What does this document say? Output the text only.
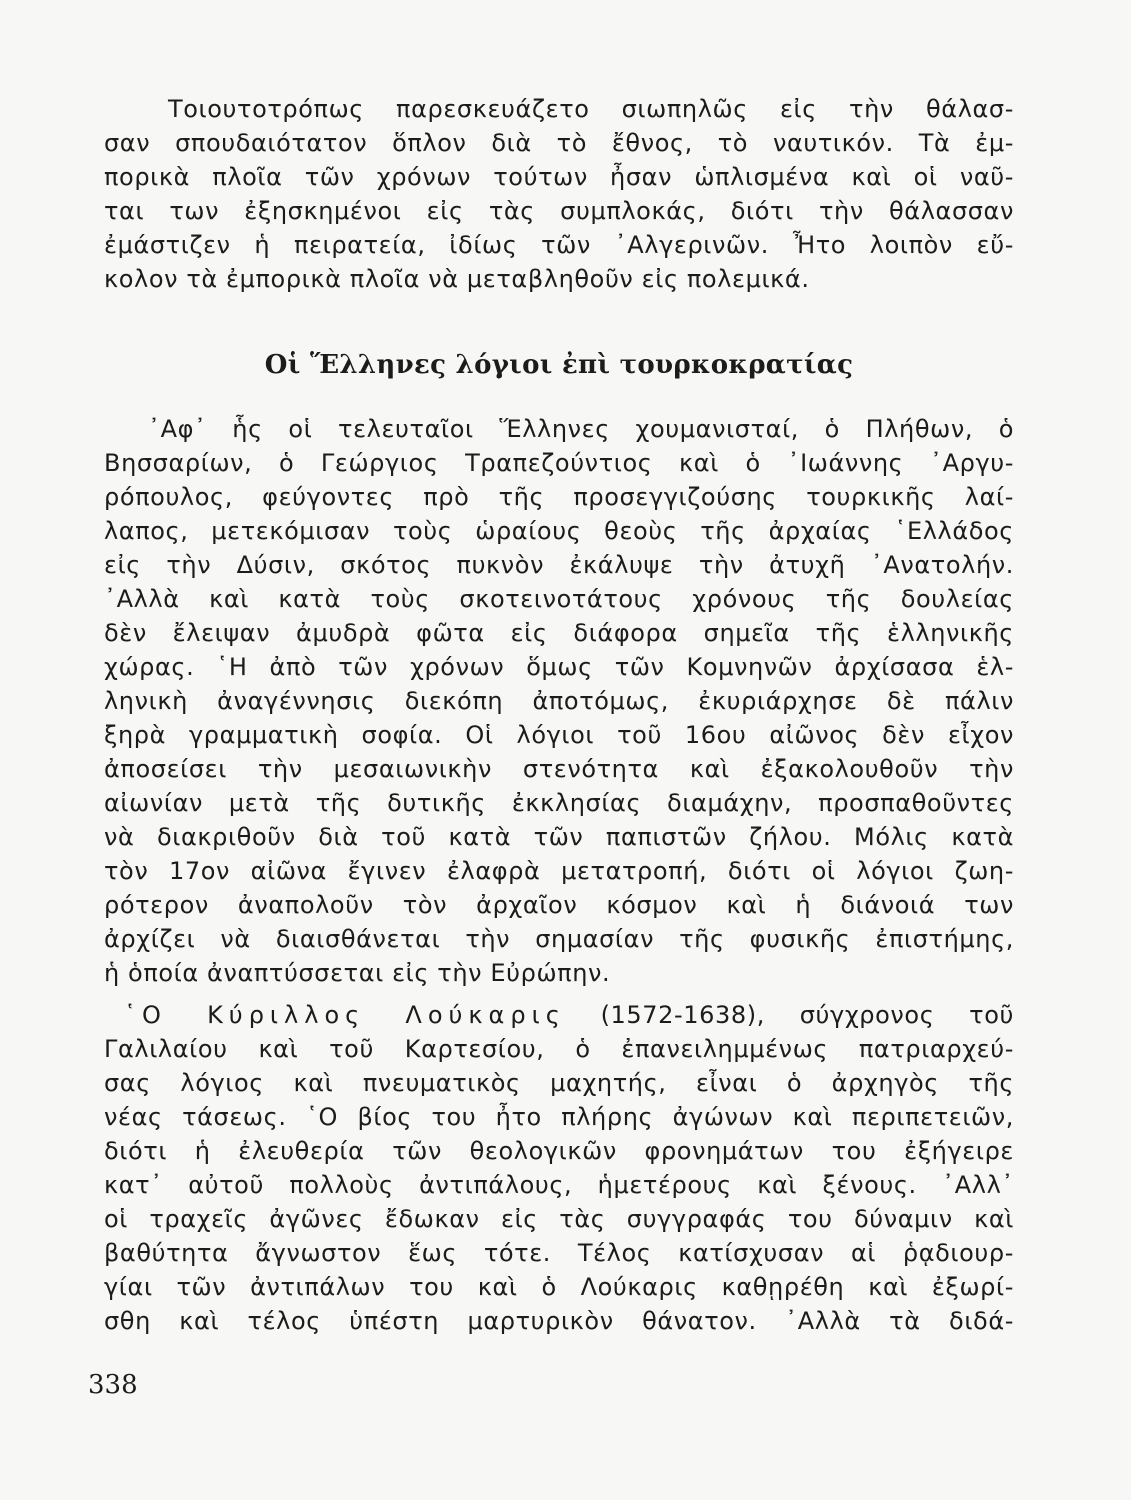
Τοιουτοτρόπως παρεσκευάζετο σιωπηλῶς εἰς τὴν θάλασ-
σαν σπουδαιότατον ὅπλον διὰ τὸ ἔθνος, τὸ ναυτικόν. Τὰ ἐμ-
πορικὰ πλοῖα τῶν χρόνων τούτων ἦσαν ὡπλισμένα καὶ οἱ ναῦ-
ται των ἐξησκημένοι εἰς τὰς συμπλοκάς, διότι τὴν θάλασσαν
ἐμάστιζεν ἡ πειρατεία, ἰδίως τῶν ᾿Αλγερινῶν. Ἦτο λοιπὸν εὔ-
κολον τὰ ἐμπορικὰ πλοῖα νὰ μεταβληθοῦν εἰς πολεμικά.
Οἱ Ἕλληνες λόγιοι ἐπὶ τουρκοκρατίας
᾿Αφ᾿ ἧς οἱ τελευταῖοι Ἕλληνες χουμανισταί, ὁ Πλήθων, ὁ
Βησσαρίων, ὁ Γεώργιος Τραπεζούντιος καὶ ὁ ᾿Ιωάννης ᾿Αργυ-
ρόπουλος, φεύγοντες πρὸ τῆς προσεγγιζούσης τουρκικῆς λαί-
λαπος, μετεκόμισαν τοὺς ὡραίους θεοὺς τῆς ἀρχαίας ῾Ελλάδος
εἰς τὴν Δύσιν, σκότος πυκνὸν ἐκάλυψε τὴν ἀτυχῆ ᾿Ανατολήν.
᾿Αλλὰ καὶ κατὰ τοὺς σκοτεινοτάτους χρόνους τῆς δουλείας
δὲν ἔλειψαν ἀμυδρὰ φῶτα εἰς διάφορα σημεῖα τῆς ἑλληνικῆς
χώρας. ῾Η ἀπὸ τῶν χρόνων ὅμως τῶν Κομνηνῶν ἀρχίσασα ἑλ-
ληνικὴ ἀναγέννησις διεκόπη ἀποτόμως, ἐκυριάρχησε δὲ πάλιν
ξηρὰ γραμματικὴ σοφία. Οἱ λόγιοι τοῦ 16ου αἰῶνος δὲν εἶχον
ἀποσείσει τὴν μεσαιωνικὴν στενότητα καὶ ἐξακολουθοῦν τὴν
αἰωνίαν μετὰ τῆς δυτικῆς ἐκκλησίας διαμάχην, προσπαθοῦντες
νὰ διακριθοῦν διὰ τοῦ κατὰ τῶν παπιστῶν ζήλου. Μόλις κατὰ
τὸν 17ον αἰῶνα ἔγινεν ἐλαφρὰ μετατροπή, διότι οἱ λόγιοι ζωη-
ρότερον ἀναπολοῦν τὸν ἀρχαῖον κόσμον καὶ ἡ διάνοιά των
ἀρχίζει νὰ διαισθάνεται τὴν σημασίαν τῆς φυσικῆς ἐπιστήμης,
ἡ ὁποία ἀναπτύσσεται εἰς τὴν Εὐρώπην.
῾Ο Κύριλλος Λούκαρις (1572-1638), σύγχρονος τοῦ
Γαλιλαίου καὶ τοῦ Καρτεσίου, ὁ ἐπανειλημμένως πατριαρχεύ-
σας λόγιος καὶ πνευματικὸς μαχητής, εἶναι ὁ ἀρχηγὸς τῆς
νέας τάσεως. ῾Ο βίος του ἦτο πλήρης ἀγώνων καὶ περιπετειῶν,
διότι ἡ ἐλευθερία τῶν θεολογικῶν φρονημάτων του ἐξήγειρε
κατ᾿ αὐτοῦ πολλοὺς ἀντιπάλους, ἡμετέρους καὶ ξένους. ᾿Αλλ᾿
οἱ τραχεῖς ἀγῶνες ἔδωκαν εἰς τὰς συγγραφάς του δύναμιν καὶ
βαθύτητα ἄγνωστον ἕως τότε. Τέλος κατίσχυσαν αἱ ῥᾳδιουρ-
γίαι τῶν ἀντιπάλων του καὶ ὁ Λούκαρις καθῃρέθη καὶ ἐξωρί-
σθη καὶ τέλος ὑπέστη μαρτυρικὸν θάνατον. ᾿Αλλὰ τὰ διδά-
338
